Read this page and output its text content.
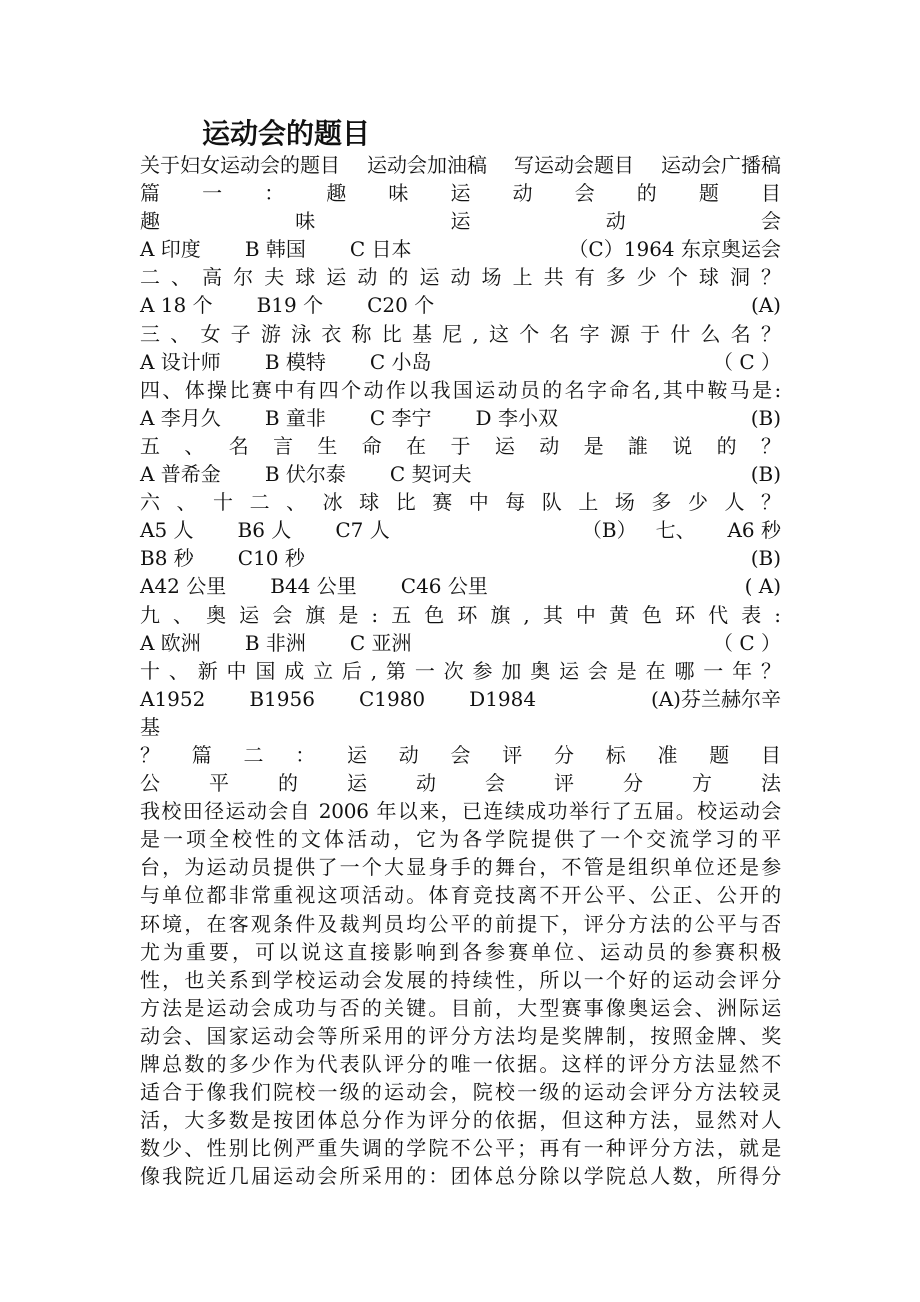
运动会的题目
关于妇女运动会的题目 运动会加油稿 写运动会题目 运动会广播稿
篇一：趣味运动会的题目
趣味运动会
A 印度 B 韩国 C 日本	（C）1964 东京奥运会
二、高尔夫球运动的运动场上共有多少个球洞？
A 18 个 B19 个 C20 个	(A)
三、女子游泳衣称比基尼,这个名字源于什么名？
A 设计师 B 模特 C 小岛	（ C ）
四、体操比赛中有四个动作以我国运动员的名字命名,其中鞍马是:
A 李月久 B 童非 C 李宁 D 李小双	(B)
五、名言生命在于运动是誰说的？
A 普希金 B 伏尔泰 C 契诃夫	(B)
六、十二、冰球比赛中每队上场多少人？
A5 人 B6 人 C7 人	（B）   七、     A6 秒
B8 秒 C10 秒	(B)
A42 公里 B44 公里 C46 公里	( A)
九、奥运会旗是:五色环旗,其中黄色环代表:
A 欧洲 B 非洲 C 亚洲	（ C ）
十、新中国成立后,第一次参加奥运会是在哪一年？
A1952 B1956 C1980 D1984	(A)芬兰赫尔辛
基
？篇二：运动会评分标准题目
公平的运动会评分方法
我校田径运动会自 2006 年以来，已连续成功举行了五届。校运动会
是一项全校性的文体活动，它为各学院提供了一个交流学习的平
台，为运动员提供了一个大显身手的舞台，不管是组织单位还是参
与单位都非常重视这项活动。体育竞技离不开公平、公正、公开的
环境，在客观条件及裁判员均公平的前提下，评分方法的公平与否
尤为重要，可以说这直接影响到各参赛单位、运动员的参赛积极
性，也关系到学校运动会发展的持续性，所以一个好的运动会评分
方法是运动会成功与否的关键。目前，大型赛事像奥运会、洲际运
动会、国家运动会等所采用的评分方法均是奖牌制，按照金牌、奖
牌总数的多少作为代表队评分的唯一依据。这样的评分方法显然不
适合于像我们院校一级的运动会，院校一级的运动会评分方法较灵
活，大多数是按团体总分作为评分的依据，但这种方法，显然对人
数少、性别比例严重失调的学院不公平；再有一种评分方法，就是
像我院近几届运动会所采用的：团体总分除以学院总人数，所得分
